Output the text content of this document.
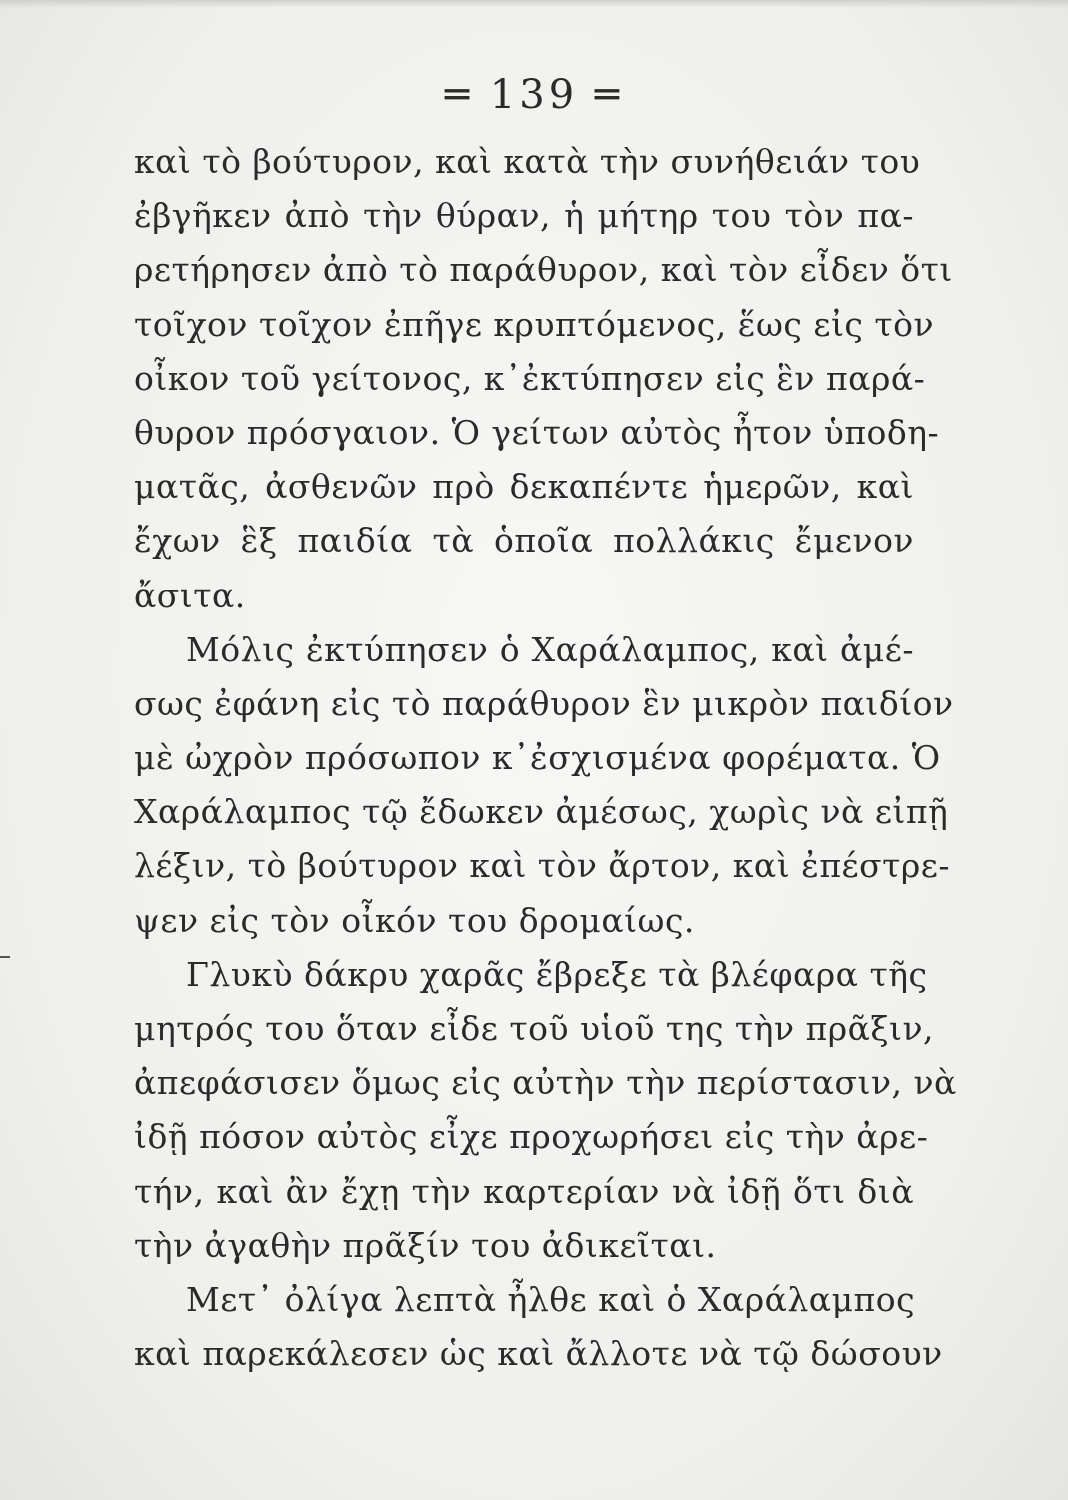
═ 139 ═
καὶ τὸ βούτυρον, καὶ κατὰ τὴν συνήθειάν του
ἐβγῆκεν ἀπὸ τὴν θύραν, ἡ μήτηρ του τὸν πα-
ρετήρησεν ἀπὸ τὸ παράθυρον, καὶ τὸν εἶδεν ὅτι
τοῖχον τοῖχον ἐπῆγε κρυπτόμενος, ἕως εἰς τὸν
οἶκον τοῦ γείτονος, κ᾽ἐκτύπησεν εἰς ἓν παρά-
θυρον πρόσγαιον. Ὁ γείτων αὐτὸς ἦτον ὑποδη-
ματᾶς, ἀσθενῶν πρὸ δεκαπέντε ἡμερῶν, καὶ
ἔχων ἓξ παιδία τὰ ὁποῖα πολλάκις ἔμενον
ἄσιτα.
Μόλις ἐκτύπησεν ὁ Χαράλαμπος, καὶ ἀμέ-
σως ἐφάνη εἰς τὸ παράθυρον ἓν μικρὸν παιδίον
μὲ ὠχρὸν πρόσωπον κ᾽ἐσχισμένα φορέματα. Ὁ
Χαράλαμπος τῷ ἔδωκεν ἀμέσως, χωρὶς νὰ εἰπῇ
λέξιν, τὸ βούτυρον καὶ τὸν ἄρτον, καὶ ἐπέστρε-
ψεν εἰς τὸν οἶκόν του δρομαίως.
Γλυκὺ δάκρυ χαρᾶς ἔβρεξε τὰ βλέφαρα τῆς
μητρός του ὅταν εἶδε τοῦ υἱοῦ της τὴν πρᾶξιν,
ἀπεφάσισεν ὅμως εἰς αὐτὴν τὴν περίστασιν, νὰ
ἰδῇ πόσον αὐτὸς εἶχε προχωρήσει εἰς τὴν ἀρε-
τήν, καὶ ἂν ἔχῃ τὴν καρτερίαν νὰ ἰδῇ ὅτι διὰ
τὴν ἀγαθὴν πρᾶξίν του ἀδικεῖται.
Μετ᾽ ὀλίγα λεπτὰ ἦλθε καὶ ὁ Χαράλαμπος
καὶ παρεκάλεσεν ὡς καὶ ἄλλοτε νὰ τῷ δώσουν
